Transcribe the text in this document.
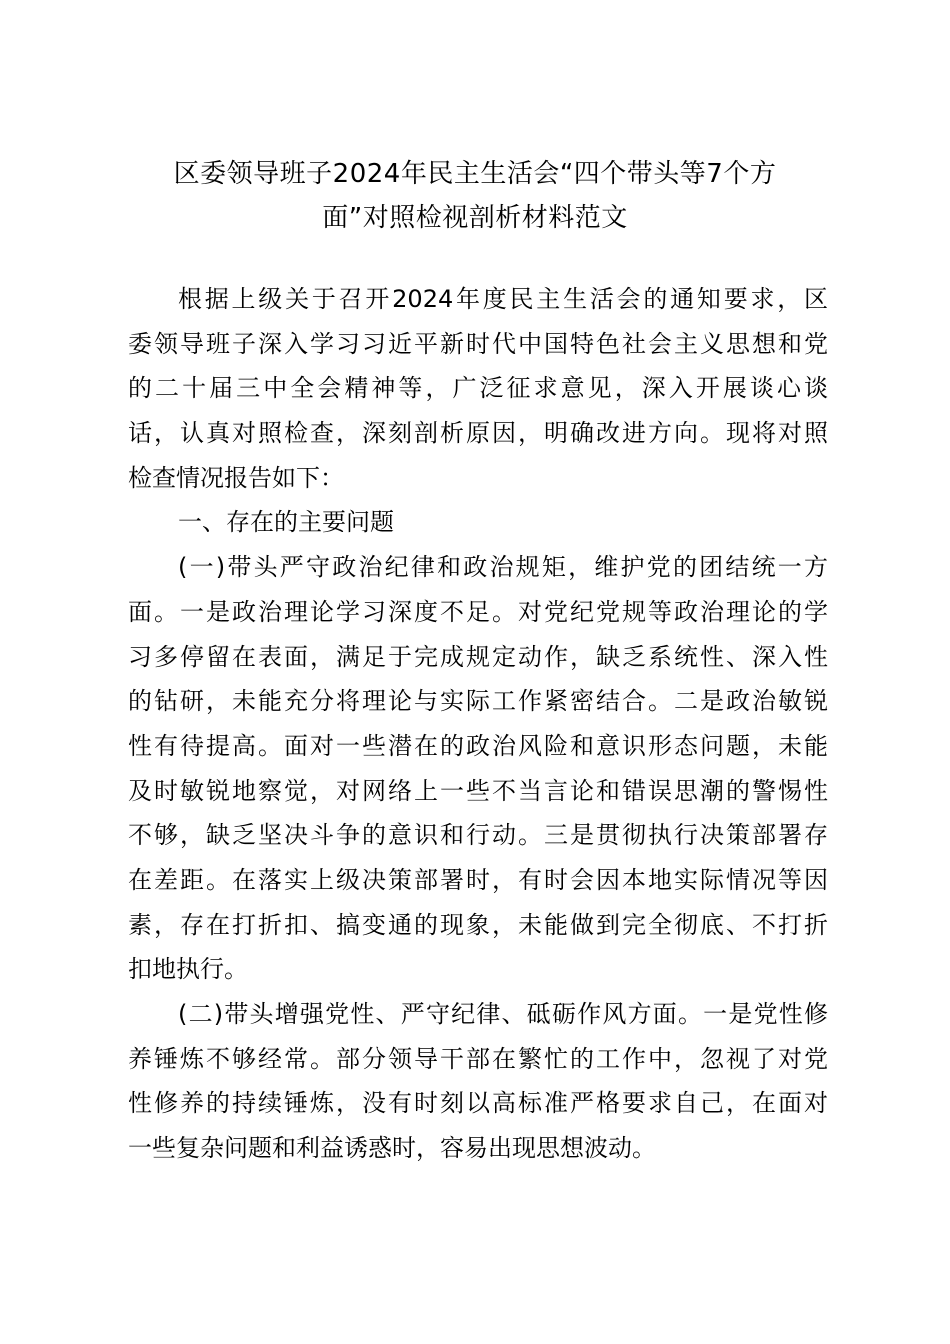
区委领导班子2024年民主生活会“四个带头等7个方
面”对照检视剖析材料范文
根据上级关于召开2024年度民主生活会的通知要求，区
委领导班子深入学习习近平新时代中国特色社会主义思想和党
的二十届三中全会精神等，广泛征求意见，深入开展谈心谈
话，认真对照检查，深刻剖析原因，明确改进方向。现将对照
检查情况报告如下：
一、存在的主要问题
(一)带头严守政治纪律和政治规矩，维护党的团结统一方
面。一是政治理论学习深度不足。对党纪党规等政治理论的学
习多停留在表面，满足于完成规定动作，缺乏系统性、深入性
的钻研，未能充分将理论与实际工作紧密结合。二是政治敏锐
性有待提高。面对一些潜在的政治风险和意识形态问题，未能
及时敏锐地察觉，对网络上一些不当言论和错误思潮的警惕性
不够，缺乏坚决斗争的意识和行动。三是贯彻执行决策部署存
在差距。在落实上级决策部署时，有时会因本地实际情况等因
素，存在打折扣、搞变通的现象，未能做到完全彻底、不打折
扣地执行。
(二)带头增强党性、严守纪律、砥砺作风方面。一是党性修
养锤炼不够经常。部分领导干部在繁忙的工作中，忽视了对党
性修养的持续锤炼，没有时刻以高标准严格要求自己，在面对
一些复杂问题和利益诱惑时，容易出现思想波动。
